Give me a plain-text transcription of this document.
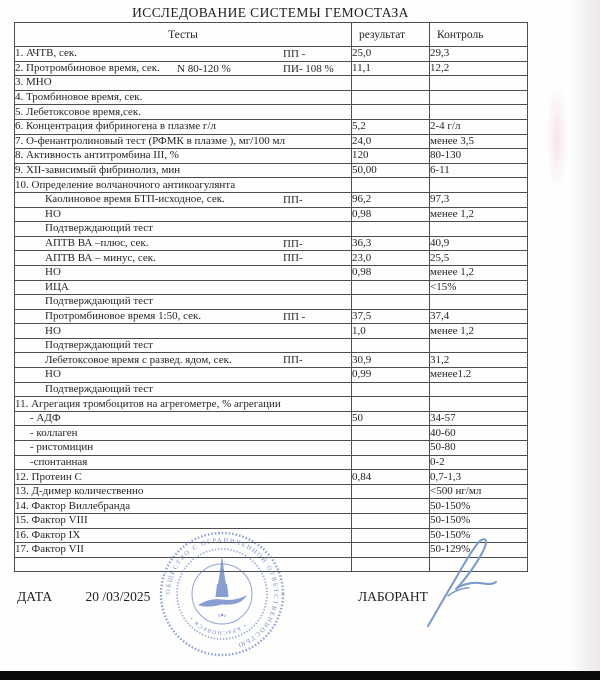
ИССЛЕДОВАНИЕ СИСТЕМЫ ГЕМОСТАЗА
Тесты	результат	Контроль
1. АЧТВ, сек. ПП -	25,0	29,3
2. Протромбиновое время, сек. N 80-120 % ПИ- 108 %	11,1	12,2
3. МНО		
4. Тромбиновое время, сек.		
5. Лебетоксовое время,сек.		
6. Концентрация фибриногена в плазме г/л	5,2	2-4 г/л
7. О-фенантролиновый тест (РФМК в плазме ), мг/100 мл	24,0	менее 3,5
8. Активность антитромбина III, %	120	80-130
9. XII-зависимый фибринолиз, мин	50,00	6-11
10. Определение волчаночного антикоагулянта		
Каолиновое время БТП-исходное, сек. ПП-	96,2	97,3
НО	0,98	менее 1,2
Подтверждающий тест		
АПТВ ВА –плюс, сек. ПП-	36,3	40,9
АПТВ ВА – минус, сек. ПП-	23,0	25,5
НО	0,98	менее 1,2
ИЦА		<15%
Подтверждающий тест		
Протромбиновое время 1:50, сек. ПП -	37,5	37,4
НО	1,0	менее 1,2
Подтверждающий тест		
Лебетоксовое время с развед. ядом, сек. ПП-	30,9	31,2
НО	0,99	менее1.2
Подтверждающий тест		
11. Агрегация тромбоцитов на агрегометре, % агрегации		
- АДФ	50	34-57
- коллаген		40-60
- ристомицин		50-80
-спонтанная		0-2
12. Протеин С	0,84	0,7-1,3
13. Д-димер количественно		<500 нг/мл
14. Фактор Виллебранда		50-150%
15. Фактор VIII		50-150%
16. Фактор IX		50-150%
17. Фактор VII		50-129%

ОБЩЕСТВО С ОГРАНИЧЕННОЙ ОТВЕТСТВЕННОСТЬЮ
• КРАСНОЯРСК •
ДАТА 20 /03/2025	ЛАБОРАНТ
